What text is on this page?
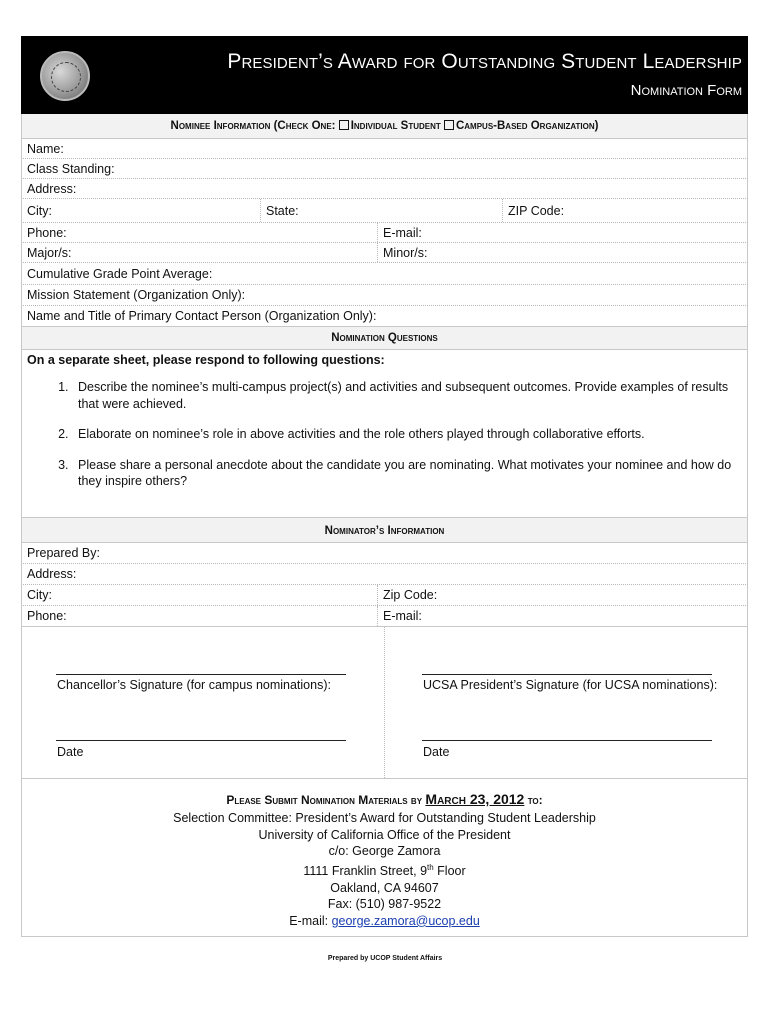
President’s Award for Outstanding Student Leadership
Nomination Form
Nominee Information (Check One: Individual Student Campus-Based Organization)
Name:
Class Standing:
Address:
City:	State:	ZIP Code:
Phone:	E-mail:
Major/s:	Minor/s:
Cumulative Grade Point Average:
Mission Statement (Organization Only):
Name and Title of Primary Contact Person (Organization Only):
Nomination Questions
On a separate sheet, please respond to following questions:
1. Describe the nominee’s multi-campus project(s) and activities and subsequent outcomes. Provide examples of results that were achieved.
2. Elaborate on nominee’s role in above activities and the role others played through collaborative efforts.
3. Please share a personal anecdote about the candidate you are nominating. What motivates your nominee and how do they inspire others?
Nominator’s Information
Prepared By:
Address:
City:	Zip Code:
Phone:	E-mail:
Chancellor’s Signature (for campus nominations):
Date
UCSA President’s Signature (for UCSA nominations):
Date
Please Submit Nomination Materials by March 23, 2012 to:
Selection Committee: President’s Award for Outstanding Student Leadership
University of California Office of the President
c/o: George Zamora
1111 Franklin Street, 9th Floor
Oakland, CA 94607
Fax: (510) 987-9522
E-mail: george.zamora@ucop.edu
Prepared by UCOP Student Affairs
